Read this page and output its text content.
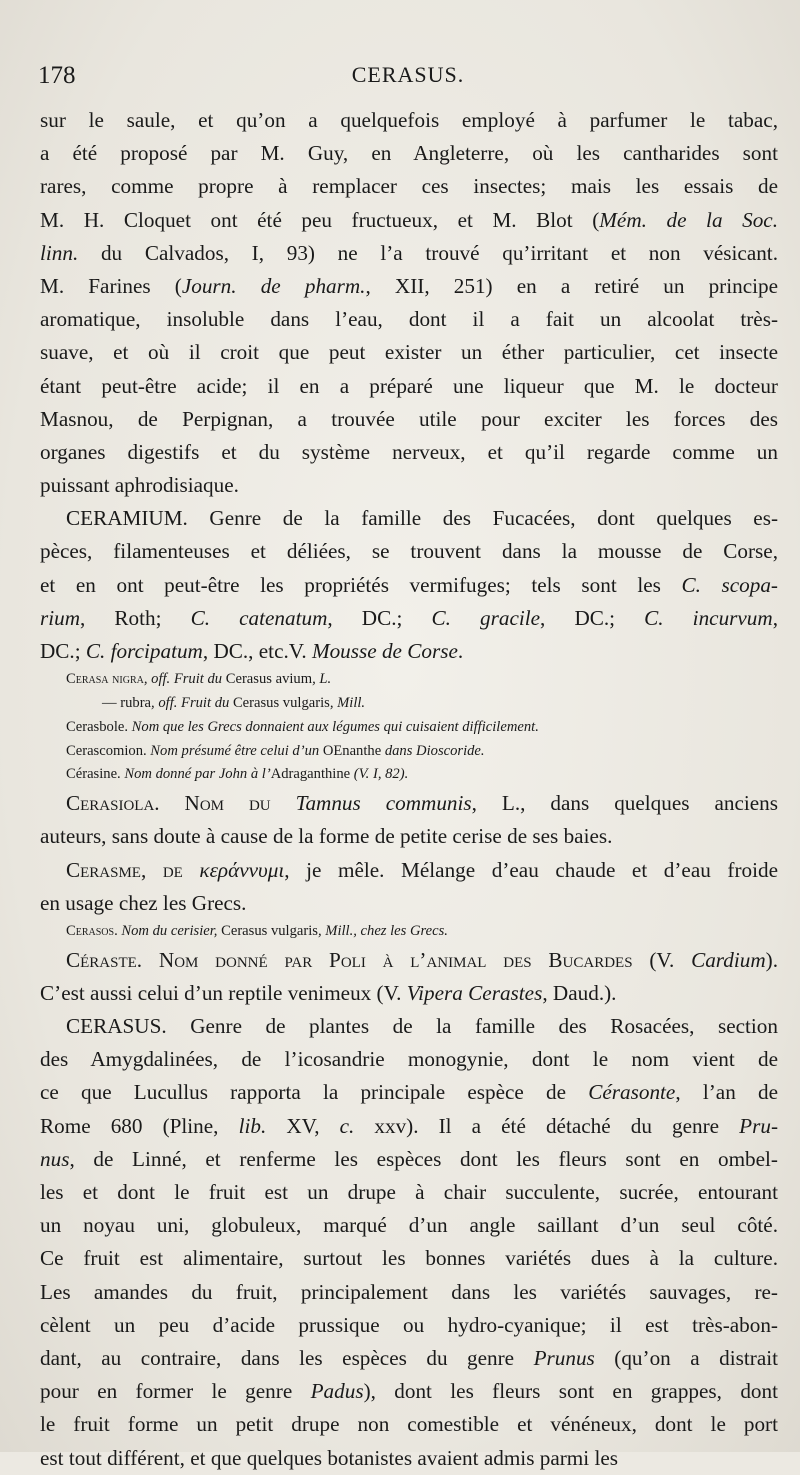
178	CERASUS.
sur le saule, et qu’on a quelquefois employé à parfumer le tabac,
a été proposé par M. Guy, en Angleterre, où les cantharides sont
rares, comme propre à remplacer ces insectes; mais les essais de
M. H. Cloquet ont été peu fructueux, et M. Blot (Mém. de la Soc.
linn. du Calvados, I, 93) ne l’a trouvé qu’irritant et non vésicant.
M. Farines (Journ. de pharm., XII, 251) en a retiré un principe
aromatique, insoluble dans l’eau, dont il a fait un alcoolat très-
suave, et où il croit que peut exister un éther particulier, cet insecte
étant peut-être acide; il en a préparé une liqueur que M. le docteur
Masnou, de Perpignan, a trouvée utile pour exciter les forces des
organes digestifs et du système nerveux, et qu’il regarde comme un
puissant aphrodisiaque.
CERAMIUM. Genre de la famille des Fucacées, dont quelques es-
pèces, filamenteuses et déliées, se trouvent dans la mousse de Corse,
et en ont peut-être les propriétés vermifuges; tels sont les C. scopa-
rium, Roth; C. catenatum, DC.; C. gracile, DC.; C. incurvum,
DC.; C. forcipatum, DC., etc.V. Mousse de Corse.
Cerasa nigra, off. Fruit du Cerasus avium, L.
— rubra, off. Fruit du Cerasus vulgaris, Mill.
Cerasbole. Nom que les Grecs donnaient aux légumes qui cuisaient difficilement.
Cerascomion. Nom présumé être celui d’un OEnanthe dans Dioscoride.
Cérasine. Nom donné par John à l’Adraganthine (V. I, 82).
Cerasiola. Nom du Tamnus communis, L., dans quelques anciens
auteurs, sans doute à cause de la forme de petite cerise de ses baies.
Cerasme, de κεράννυμι, je mêle. Mélange d’eau chaude et d’eau froide
en usage chez les Grecs.
Cerasos. Nom du cerisier, Cerasus vulgaris, Mill., chez les Grecs.
Céraste. Nom donné par Poli à l’animal des Bucardes (V. Cardium).
C’est aussi celui d’un reptile venimeux (V. Vipera Cerastes, Daud.).
CERASUS. Genre de plantes de la famille des Rosacées, section
des Amygdalinées, de l’icosandrie monogynie, dont le nom vient de
ce que Lucullus rapporta la principale espèce de Cérasonte, l’an de
Rome 680 (Pline, lib. XV, c. xxv). Il a été détaché du genre Pru-
nus, de Linné, et renferme les espèces dont les fleurs sont en ombel-
les et dont le fruit est un drupe à chair succulente, sucrée, entourant
un noyau uni, globuleux, marqué d’un angle saillant d’un seul côté.
Ce fruit est alimentaire, surtout les bonnes variétés dues à la culture.
Les amandes du fruit, principalement dans les variétés sauvages, re-
cèlent un peu d’acide prussique ou hydro-cyanique; il est très-abon-
dant, au contraire, dans les espèces du genre Prunus (qu’on a distrait
pour en former le genre Padus), dont les fleurs sont en grappes, dont
le fruit forme un petit drupe non comestible et vénéneux, dont le port
est tout différent, et que quelques botanistes avaient admis parmi les
